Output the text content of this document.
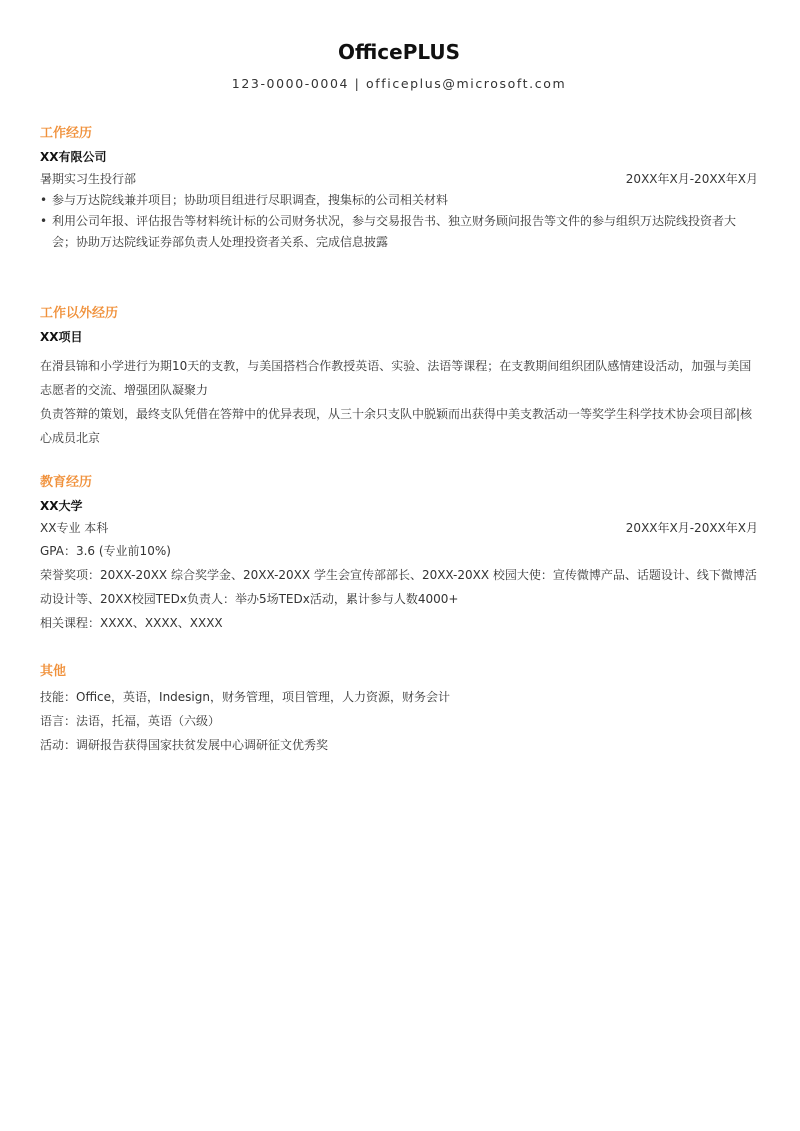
OfficePLUS
123-0000-0004 | officeplus@microsoft.com
工作经历
XX有限公司
暑期实习生投行部	20XX年X月-20XX年X月
• 参与万达院线兼并项目；协助项目组进行尽职调查，搜集标的公司相关材料
• 利用公司年报、评估报告等材料统计标的公司财务状况，参与交易报告书、独立财务顾问报告等文件的参与组织万达院线投资者大会；协助万达院线证券部负责人处理投资者关系、完成信息披露
工作以外经历
XX项目

在滑县锦和小学进行为期10天的支教，与美国搭档合作教授英语、实验、法语等课程；在支教期间组织团队感情建设活动，加强与美国志愿者的交流、增强团队凝聚力

负责答辩的策划，最终支队凭借在答辩中的优异表现，从三十余只支队中脱颖而出获得中美支教活动一等奖学生科学技术协会项目部|核心成员北京

教育经历
XX大学
XX专业 本科	20XX年X月-20XX年X月
GPA：3.6 (专业前10%)
荣誉奖项：20XX-20XX 综合奖学金、20XX-20XX 学生会宣传部部长、20XX-20XX 校园大使：宣传微博产品、话题设计、线下微博活动设计等、20XX校园TEDx负责人：举办5场TEDx活动，累计参与人数4000+
相关课程：XXXX、XXXX、XXXX
其他
技能：Office，英语，Indesign，财务管理，项目管理，人力资源，财务会计
语言：法语，托福，英语（六级）
活动：调研报告获得国家扶贫发展中心调研征文优秀奖
